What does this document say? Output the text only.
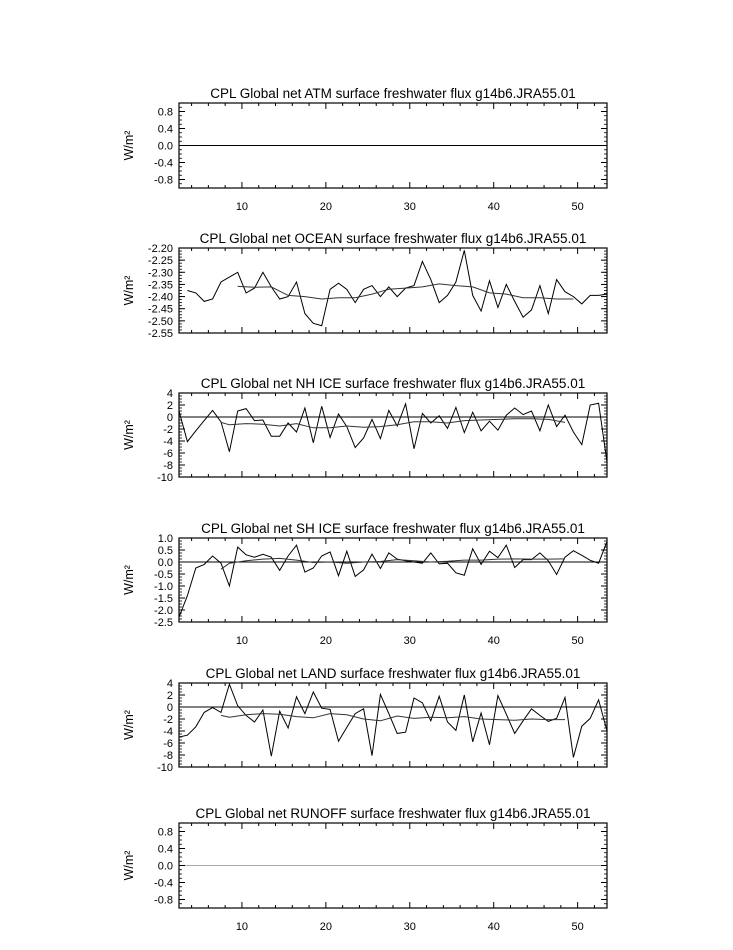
CPL Global net ATM surface freshwater flux g14b6.JRA55.01
W/m²
10	20	30	40	50
0.8
0.4
0.0
-0.4
-0.8
CPL Global net OCEAN surface freshwater flux g14b6.JRA55.01
W/m²
-2.20
-2.25
-2.30
-2.35
-2.40
-2.45
-2.50
-2.55
CPL Global net NH ICE surface freshwater flux g14b6.JRA55.01
W/m²
4
2
0
-2
-4
-6
-8
-10
CPL Global net SH ICE surface freshwater flux g14b6.JRA55.01
W/m²
10	20	30	40	50
1.0
0.5
0.0
-0.5
-1.0
-1.5
-2.0
-2.5
CPL Global net LAND surface freshwater flux g14b6.JRA55.01
W/m²
4
2
0
-2
-4
-6
-8
-10
CPL Global net RUNOFF surface freshwater flux g14b6.JRA55.01
W/m²
10	20	30	40	50
0.8
0.4
0.0
-0.4
-0.8
